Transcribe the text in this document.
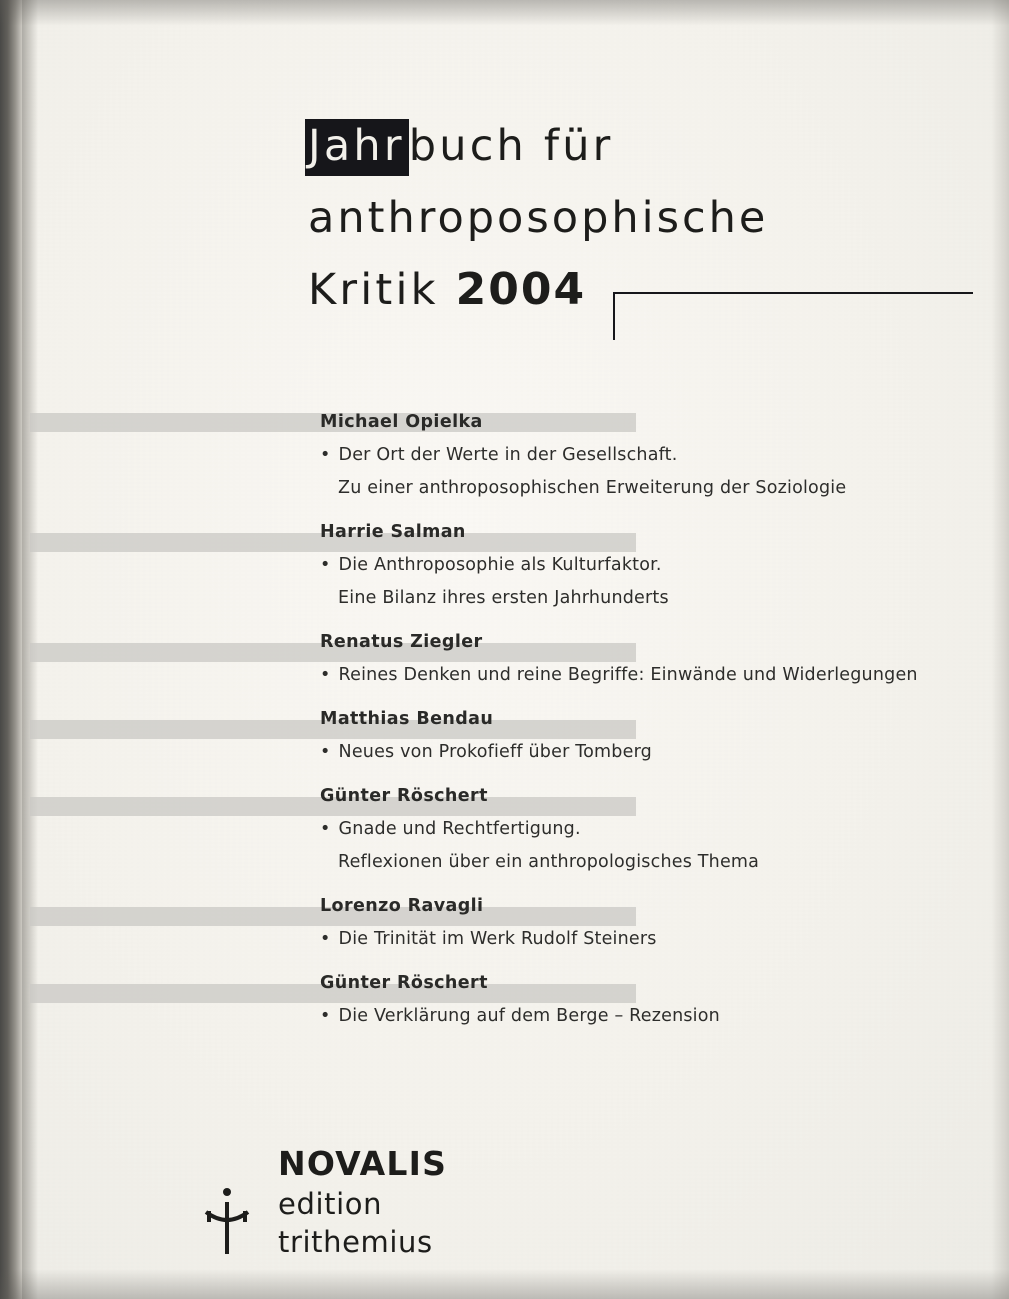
Jahrbuch für
anthroposophische
Kritik 2004
Michael Opielka
• Der Ort der Werte in der Gesellschaft.
Zu einer anthroposophischen Erweiterung der Soziologie
Harrie Salman
• Die Anthroposophie als Kulturfaktor.
Eine Bilanz ihres ersten Jahrhunderts
Renatus Ziegler
• Reines Denken und reine Begriffe: Einwände und Widerlegungen
Matthias Bendau
• Neues von Prokofieff über Tomberg
Günter Röschert
• Gnade und Rechtfertigung.
Reflexionen über ein anthropologisches Thema
Lorenzo Ravagli
• Die Trinität im Werk Rudolf Steiners
Günter Röschert
• Die Verklärung auf dem Berge – Rezension
NOVALIS
edition
trithemius
